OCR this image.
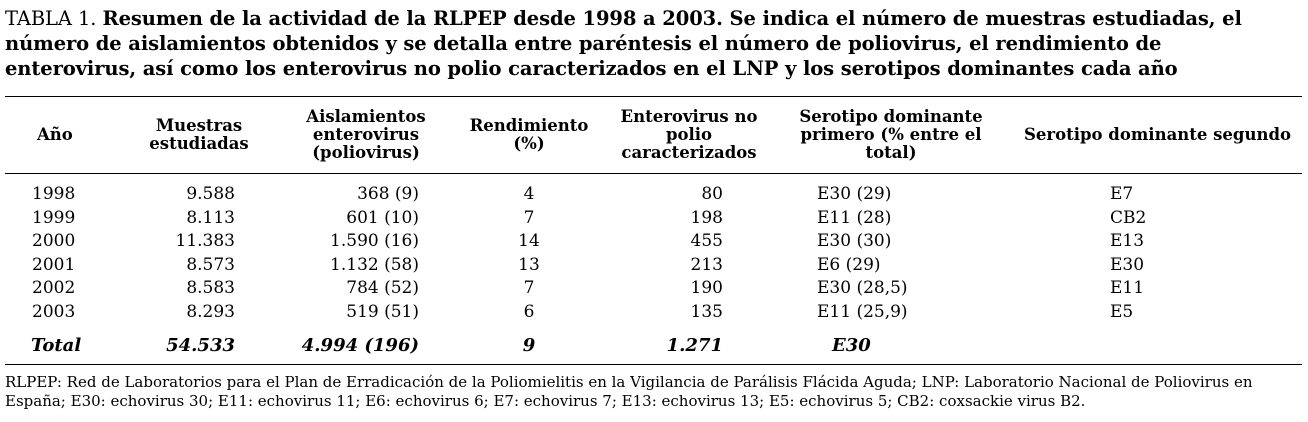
TABLA 1. Resumen de la actividad de la RLPEP desde 1998 a 2003. Se indica el número de muestras estudiadas, el número de aislamientos obtenidos y se detalla entre paréntesis el número de poliovirus, el rendimiento de enterovirus, así como los enterovirus no polio caracterizados en el LNP y los serotipos dominantes cada año
Año	Muestras estudiadas	Aislamientos enterovirus (poliovirus)	Rendimiento (%)	Enterovirus no polio caracterizados	Serotipo dominante primero (% entre el total)	Serotipo dominante segundo
1998	9.588	368 (9)	4	80	E30 (29)	E7
1999	8.113	601 (10)	7	198	E11 (28)	CB2
2000	11.383	1.590 (16)	14	455	E30 (30)	E13
2001	8.573	1.132 (58)	13	213	E6 (29)	E30
2002	8.583	784 (52)	7	190	E30 (28,5)	E11
2003	8.293	519 (51)	6	135	E11 (25,9)	E5
Total	54.533	4.994 (196)	9	1.271	E30	
RLPEP: Red de Laboratorios para el Plan de Erradicación de la Poliomielitis en la Vigilancia de Parálisis Flácida Aguda; LNP: Laboratorio Nacional de Poliovirus en España; E30: echovirus 30; E11: echovirus 11; E6: echovirus 6; E7: echovirus 7; E13: echovirus 13; E5: echovirus 5; CB2: coxsackie virus B2.
